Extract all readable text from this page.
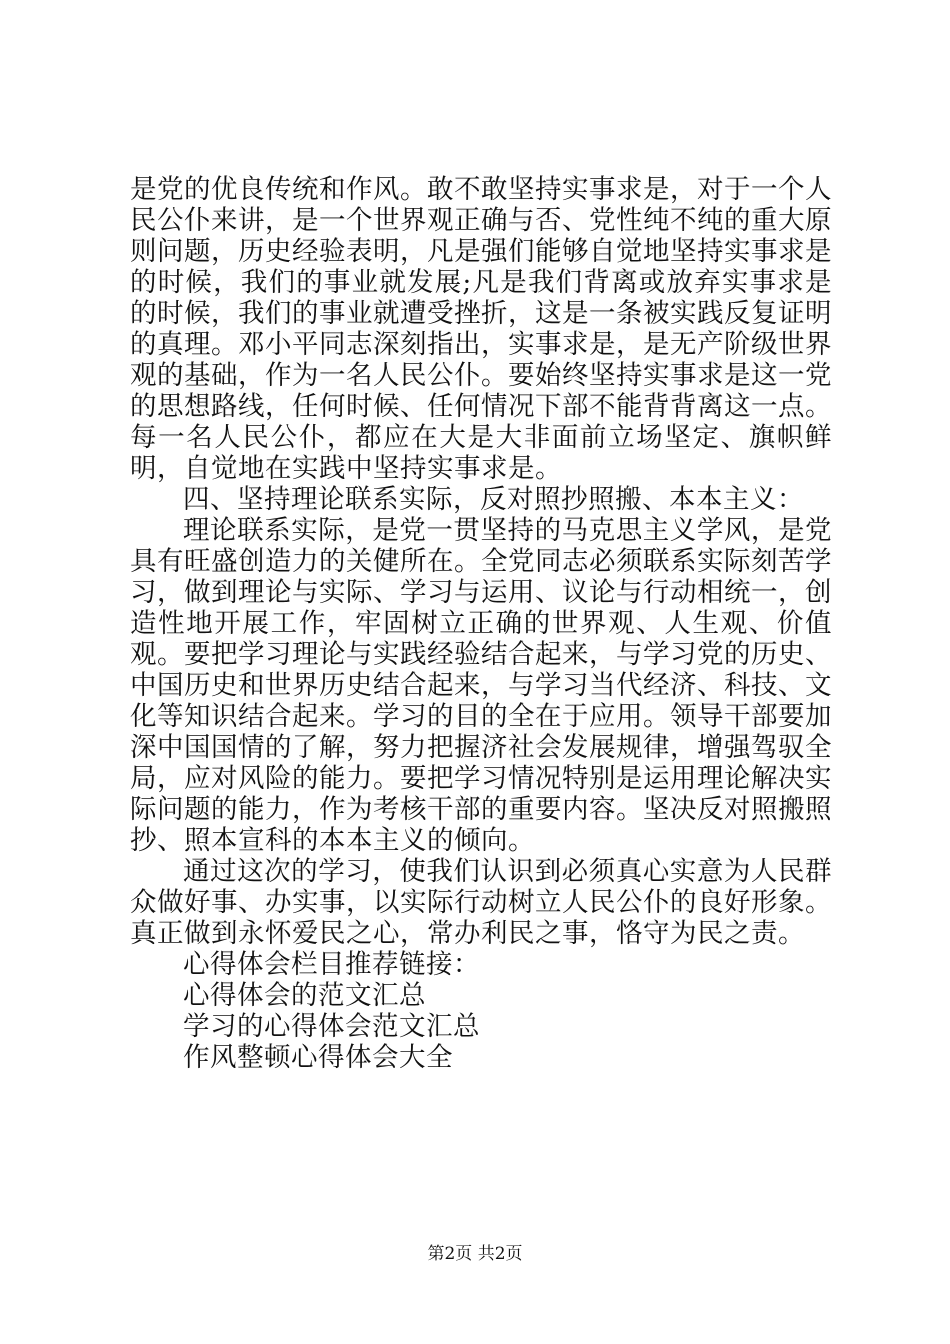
是党的优良传统和作风。敢不敢坚持实事求是，对于一个人民公仆来讲，是一个世界观正确与否、党性纯不纯的重大原则问题，历史经验表明，凡是强们能够自觉地坚持实事求是的时候，我们的事业就发展;凡是我们背离或放弃实事求是的时候，我们的事业就遭受挫折，这是一条被实践反复证明的真理。邓小平同志深刻指出，实事求是，是无产阶级世界观的基础，作为一名人民公仆。要始终坚持实事求是这一党的思想路线，任何时候、任何情况下部不能背背离这一点。每一名人民公仆，都应在大是大非面前立场坚定、旗帜鲜明，自觉地在实践中坚持实事求是。

四、坚持理论联系实际，反对照抄照搬、本本主义：

理论联系实际，是党一贯坚持的马克思主义学风，是党具有旺盛创造力的关健所在。全党同志必须联系实际刻苦学习，做到理论与实际、学习与运用、议论与行动相统一，创造性地开展工作，牢固树立正确的世界观、人生观、价值观。要把学习理论与实践经验结合起来，与学习党的历史、中国历史和世界历史结合起来，与学习当代经济、科技、文化等知识结合起来。学习的目的全在于应用。领导干部要加深中国国情的了解，努力把握济社会发展规律，增强驾驭全局，应对风险的能力。要把学习情况特别是运用理论解决实际问题的能力，作为考核干部的重要内容。坚决反对照搬照抄、照本宣科的本本主义的倾向。

通过这次的学习，使我们认识到必须真心实意为人民群众做好事、办实事，以实际行动树立人民公仆的良好形象。真正做到永怀爱民之心，常办利民之事，恪守为民之责。

心得体会栏目推荐链接：
心得体会的范文汇总
学习的心得体会范文汇总
作风整顿心得体会大全
第2页 共2页
